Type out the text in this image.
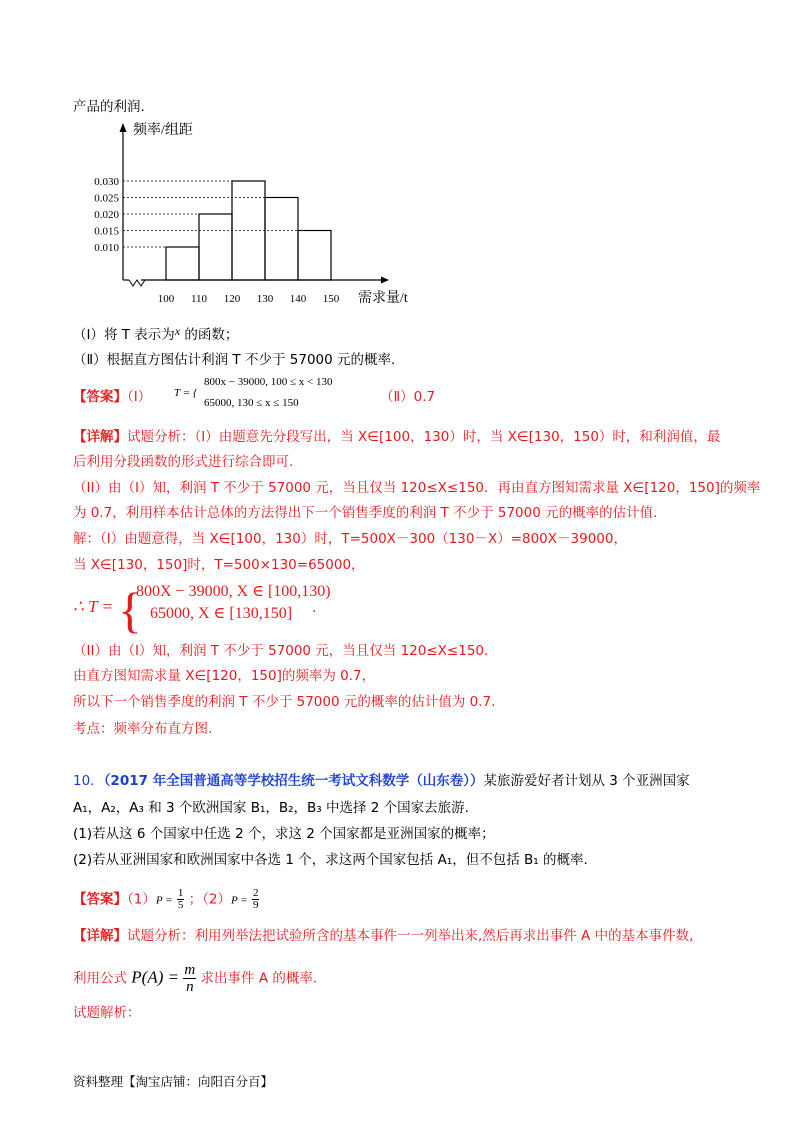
产品的利润.
0.010
0.015
0.020
0.025
0.030
100 110 120 130 140 150
频率/组距
需求量/t
（Ⅰ）将 T 表示为x 的函数；
（Ⅱ）根据直方图估计利润 T 不少于 57000 元的概率.
【答案】（Ⅰ） T = {
800x − 39000, 100 ≤ x < 130
65000, 130 ≤ x ≤ 150	（Ⅱ）0.7
【详解】试题分析：（I）由题意先分段写出，当 X∈[100，130）时，当 X∈[130，150）时，和利润值，最
后利用分段函数的形式进行综合即可.
（II）由（I）知，利润 T 不少于 57000 元，当且仅当 120≤X≤150．再由直方图知需求量 X∈[120，150]的频率
为 0.7，利用样本估计总体的方法得出下一个销售季度的利润 T 不少于 57000 元的概率的估计值.
解：（I）由题意得，当 X∈[100，130）时，T=500X－300（130－X）=800X－39000，
当 X∈[130，150]时，T=500×130=65000，
∴ T = {
800X − 39000, X ∈ [100,130)
65000, X ∈ [130,150]	.
（II）由（I）知，利润 T 不少于 57000 元，当且仅当 120≤X≤150.
由直方图知需求量 X∈[120，150]的频率为 0.7，
所以下一个销售季度的利润 T 不少于 57000 元的概率的估计值为 0.7.
考点：频率分布直方图.
10．（2017 年全国普通高等学校招生统一考试文科数学（山东卷））某旅游爱好者计划从 3 个亚洲国家
A₁，A₂，A₃ 和 3 个欧洲国家 B₁，B₂，B₃ 中选择 2 个国家去旅游.
(1)若从这 6 个国家中任选 2 个，求这 2 个国家都是亚洲国家的概率；
(2)若从亚洲国家和欧洲国家中各选 1 个，求这两个国家包括 A₁，但不包括 B₁ 的概率.
【答案】$(1)P = \frac{1}{5}$ ；$(2)P = \frac{2}{9}$
【详解】试题分析：利用列举法把试验所含的基本事件一一列举出来,然后再求出事件 A 中的基本事件数,
利用公式 $P(A) = \frac{m}{n}$ 求出事件 A 的概率.
试题解析：
资料整理【淘宝店铺：向阳百分百】
